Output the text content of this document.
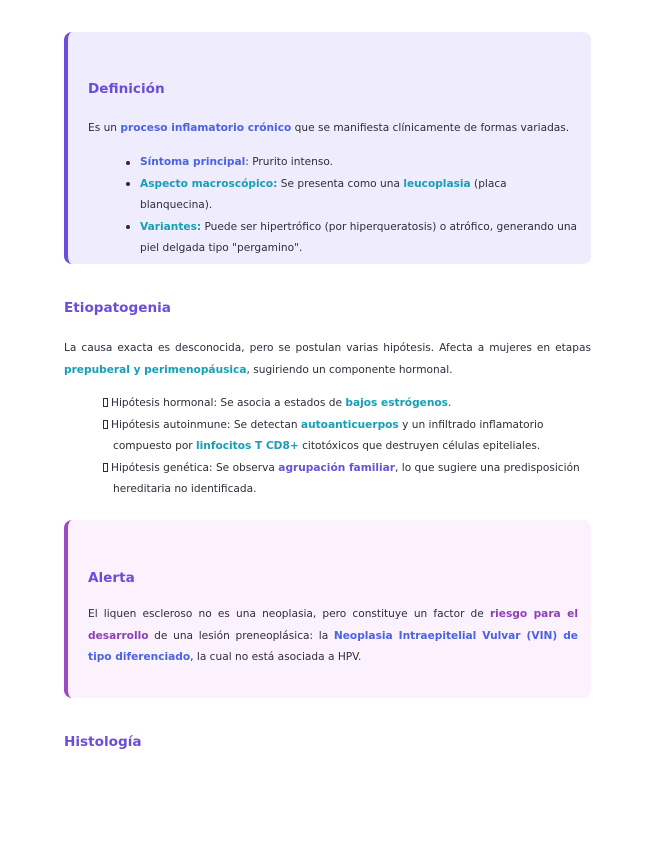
Definición
Es un proceso inflamatorio crónico que se manifiesta clínicamente de formas variadas.
Síntoma principal: Prurito intenso.
Aspecto macroscópico: Se presenta como una leucoplasia (placa blanquecina).
Variantes: Puede ser hipertrófico (por hiperqueratosis) o atrófico, generando una piel delgada tipo "pergamino".
Etiopatogenia
La causa exacta es desconocida, pero se postulan varias hipótesis. Afecta a mujeres en etapas prepuberal y perimenopáusica, sugiriendo un componente hormonal.
Hipótesis hormonal: Se asocia a estados de bajos estrógenos.
Hipótesis autoinmune: Se detectan autoanticuerpos y un infiltrado inflamatorio compuesto por linfocitos T CD8+ citotóxicos que destruyen células epiteliales.
Hipótesis genética: Se observa agrupación familiar, lo que sugiere una predisposición hereditaria no identificada.
Alerta
El liquen escleroso no es una neoplasia, pero constituye un factor de riesgo para el desarrollo de una lesión preneoplásica: la Neoplasia Intraepitelial Vulvar (VIN) de tipo diferenciado, la cual no está asociada a HPV.
Histología
